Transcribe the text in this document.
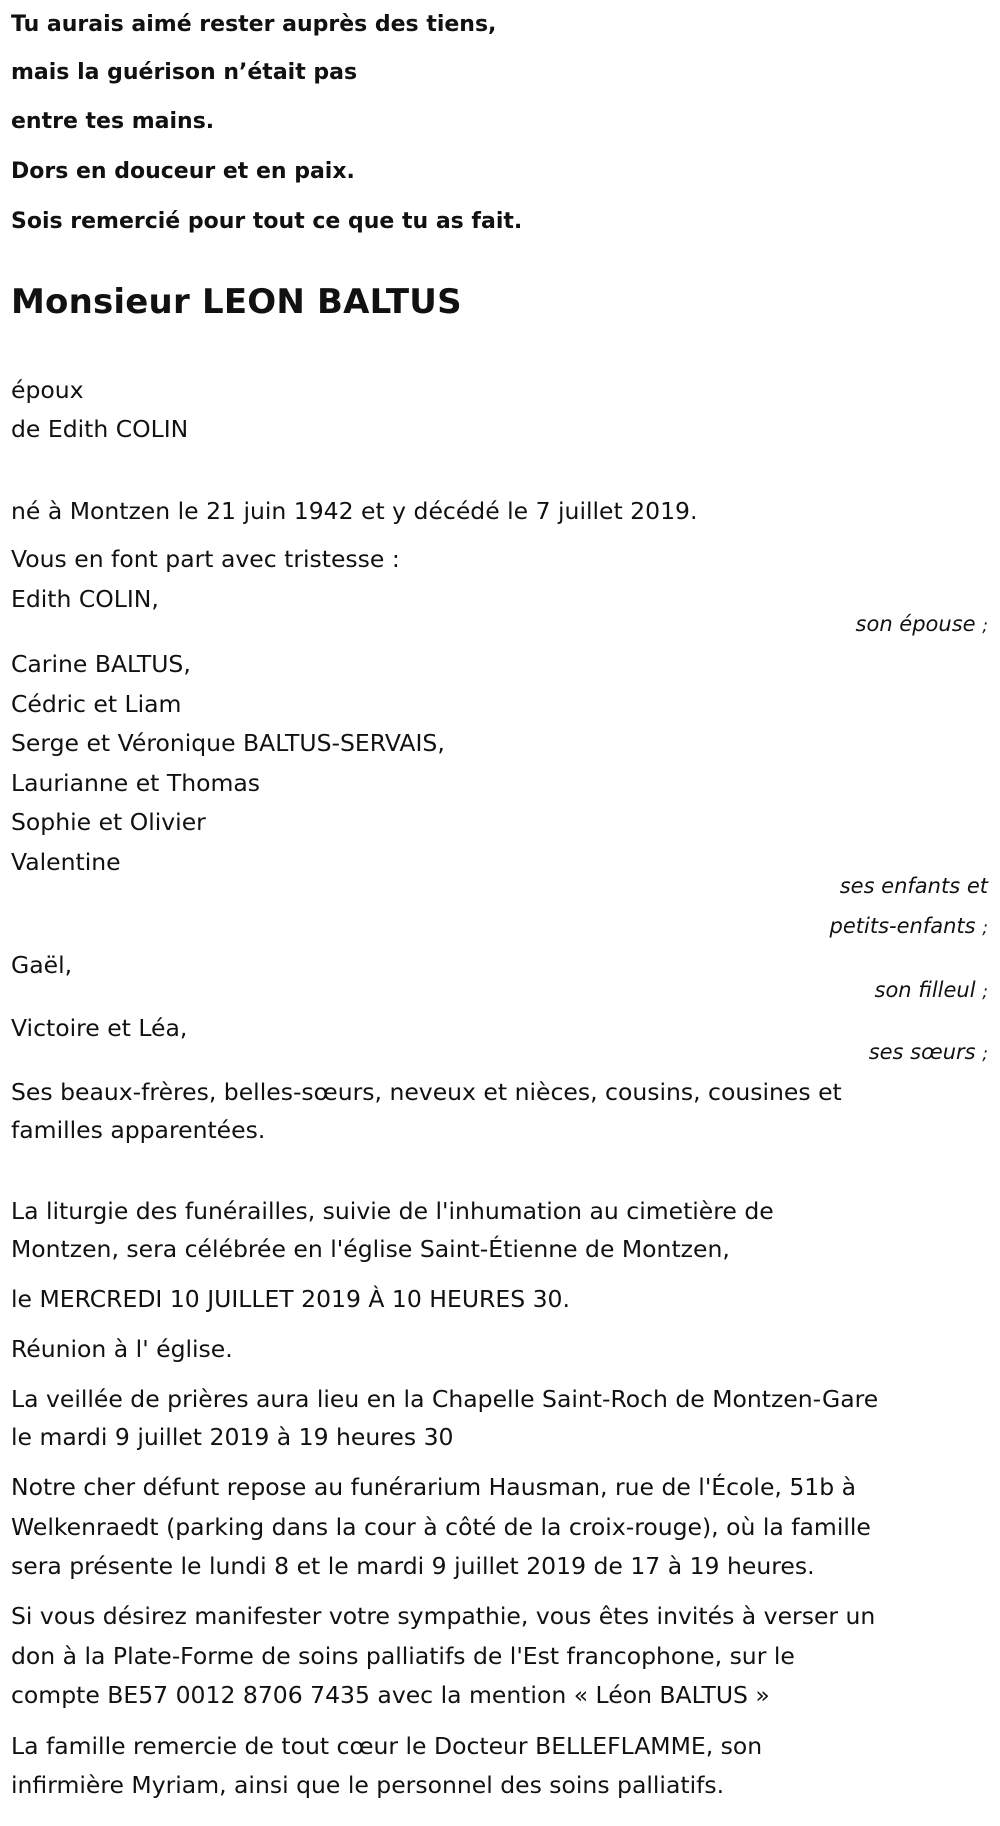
Tu aurais aimé rester auprès des tiens,
mais la guérison n’était pas
entre tes mains.
Dors en douceur et en paix.
Sois remercié pour tout ce que tu as fait.
Monsieur LEON BALTUS
époux
de Edith COLIN
né à Montzen le 21 juin 1942 et y décédé le 7 juillet 2019.
Vous en font part avec tristesse :
Edith COLIN,
son épouse ;
Carine BALTUS,
Cédric et Liam
Serge et Véronique BALTUS-SERVAIS,
Laurianne et Thomas
Sophie et Olivier
Valentine
ses enfants et
petits-enfants ;
Gaël,
son filleul ;
Victoire et Léa,
ses sœurs ;
Ses beaux-frères, belles-sœurs, neveux et nièces, cousins, cousines et
familles apparentées.
La liturgie des funérailles, suivie de l'inhumation au cimetière de
Montzen, sera célébrée en l'église Saint-Étienne de Montzen,
le MERCREDI 10 JUILLET 2019 À 10 HEURES 30.
Réunion à l' église.
La veillée de prières aura lieu en la Chapelle Saint-Roch de Montzen-Gare
le mardi 9 juillet 2019 à 19 heures 30
Notre cher défunt repose au funérarium Hausman, rue de l'École, 51b à
Welkenraedt (parking dans la cour à côté de la croix-rouge), où la famille
sera présente le lundi 8 et le mardi 9 juillet 2019 de 17 à 19 heures.
Si vous désirez manifester votre sympathie, vous êtes invités à verser un
don à la Plate-Forme de soins palliatifs de l'Est francophone, sur le
compte BE57 0012 8706 7435 avec la mention « Léon BALTUS »
La famille remercie de tout cœur le Docteur BELLEFLAMME, son
infirmière Myriam, ainsi que le personnel des soins palliatifs.
